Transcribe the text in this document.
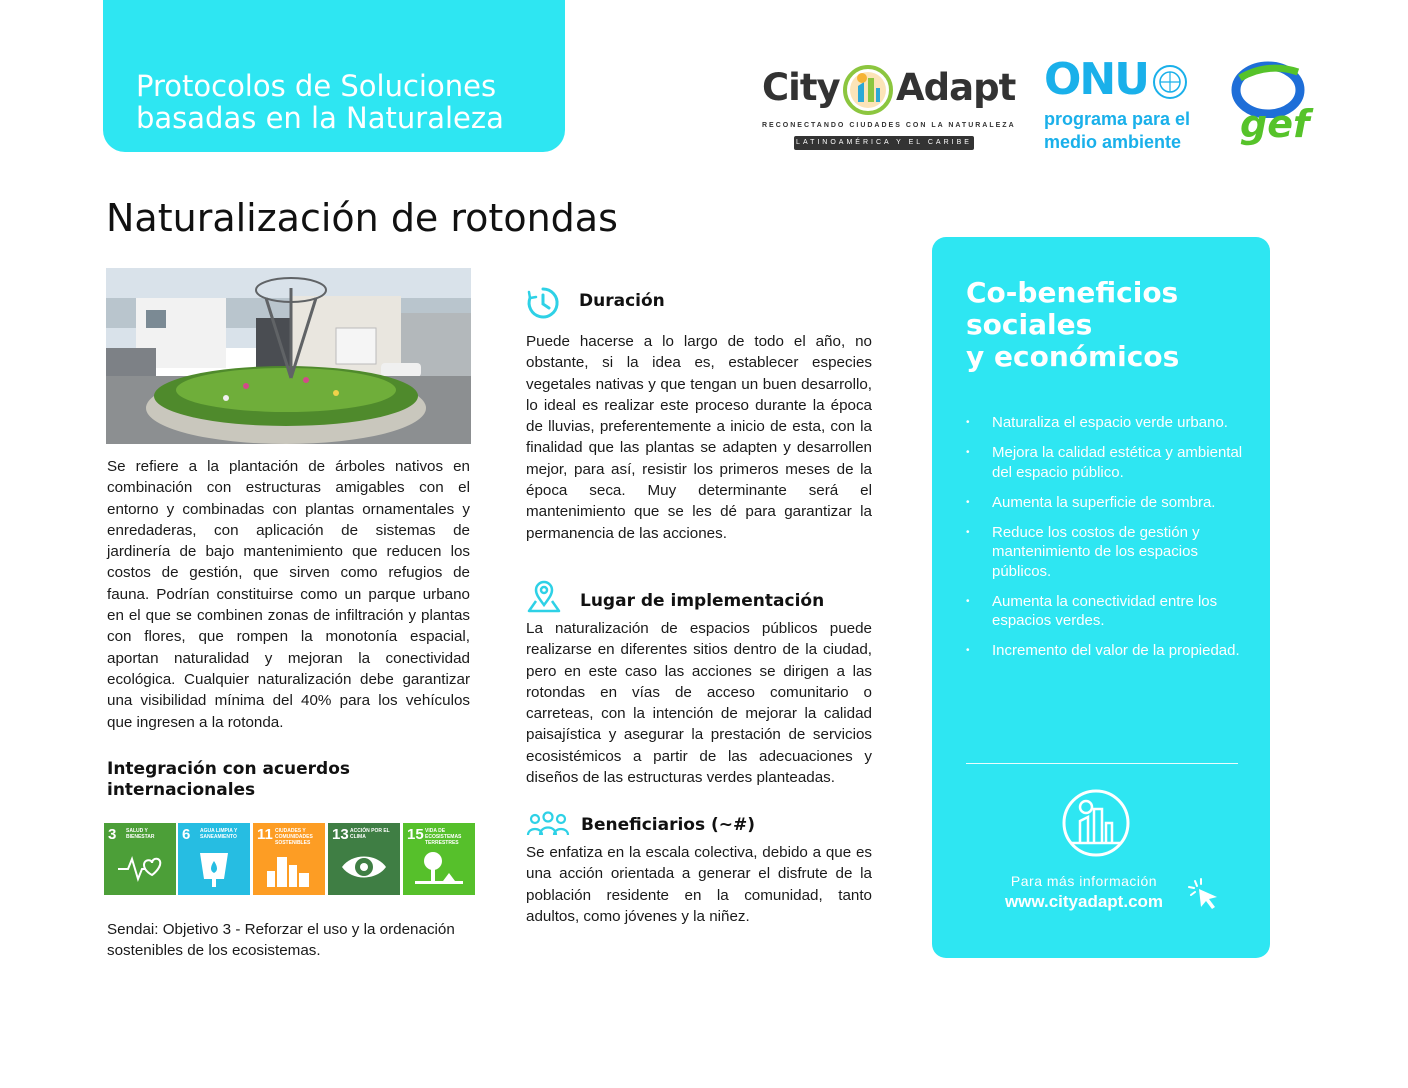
Protocolos de Soluciones
basadas en la Naturaleza
City Adapt
RECONECTANDO CIUDADES CON LA NATURALEZA
LATINOAMÉRICA Y EL CARIBE
ONU
programa para el
medio ambiente gef
Naturalización de rotondas

Se refiere a la plantación de árboles nativos en combinación con estructuras amigables con el entorno y combinadas con plantas ornamentales y enredaderas, con aplicación de sistemas de jardinería de bajo mantenimiento que reducen los costos de gestión, que sirven como refugios de fauna. Podrían constituirse como un parque urbano en el que se combinen zonas de infiltración y plantas con flores, que rompen la monotonía espacial, aportan naturalidad y mejoran la conectividad ecológica. Cualquier naturalización debe garantizar una visibilidad mínima del 40% para los vehículos que ingresen a la rotonda.

Integración con acuerdos
internacionales
3 SALUD Y BIENESTAR	6 AGUA LIMPIA Y SANEAMIENTO	11 CIUDADES Y COMUNIDADES SOSTENIBLES	13 ACCIÓN POR EL CLIMA	15 VIDA DE ECOSISTEMAS TERRESTRES

Sendai: Objetivo 3 - Reforzar el uso y la ordenación sostenibles de los ecosistemas.

Duración

Puede hacerse a lo largo de todo el año, no obstante, si la idea es, establecer especies vegetales nativas y que tengan un buen desarrollo, lo ideal es realizar este proceso durante la época de lluvias, preferentemente a inicio de esta, con la finalidad que las plantas se adapten y desarrollen mejor, para así, resistir los primeros meses de la época seca. Muy determinante será el mantenimiento que se les dé para garantizar la permanencia de las acciones.

Lugar de implementación

La naturalización de espacios públicos puede realizarse en diferentes sitios dentro de la ciudad, pero en este caso las acciones se dirigen a las rotondas en vías de acceso comunitario o carreteas, con la intención de mejorar la calidad paisajística y asegurar la prestación de servicios ecosistémicos a partir de las adecuaciones y diseños de las estructuras verdes planteadas.

Beneficiarios (~#)

Se enfatiza en la escala colectiva, debido a que es una acción orientada a generar el disfrute de la población residente en la comunidad, tanto adultos, como jóvenes y la niñez.

Co-beneficios
sociales
y económicos
• Naturaliza el espacio verde urbano.
• Mejora la calidad estética y ambiental del espacio público.
• Aumenta la superficie de sombra.
• Reduce los costos de gestión y mantenimiento de los espacios públicos.
• Aumenta la conectividad entre los espacios verdes.
• Incremento del valor de la propiedad.
Para más información
www.cityadapt.com
